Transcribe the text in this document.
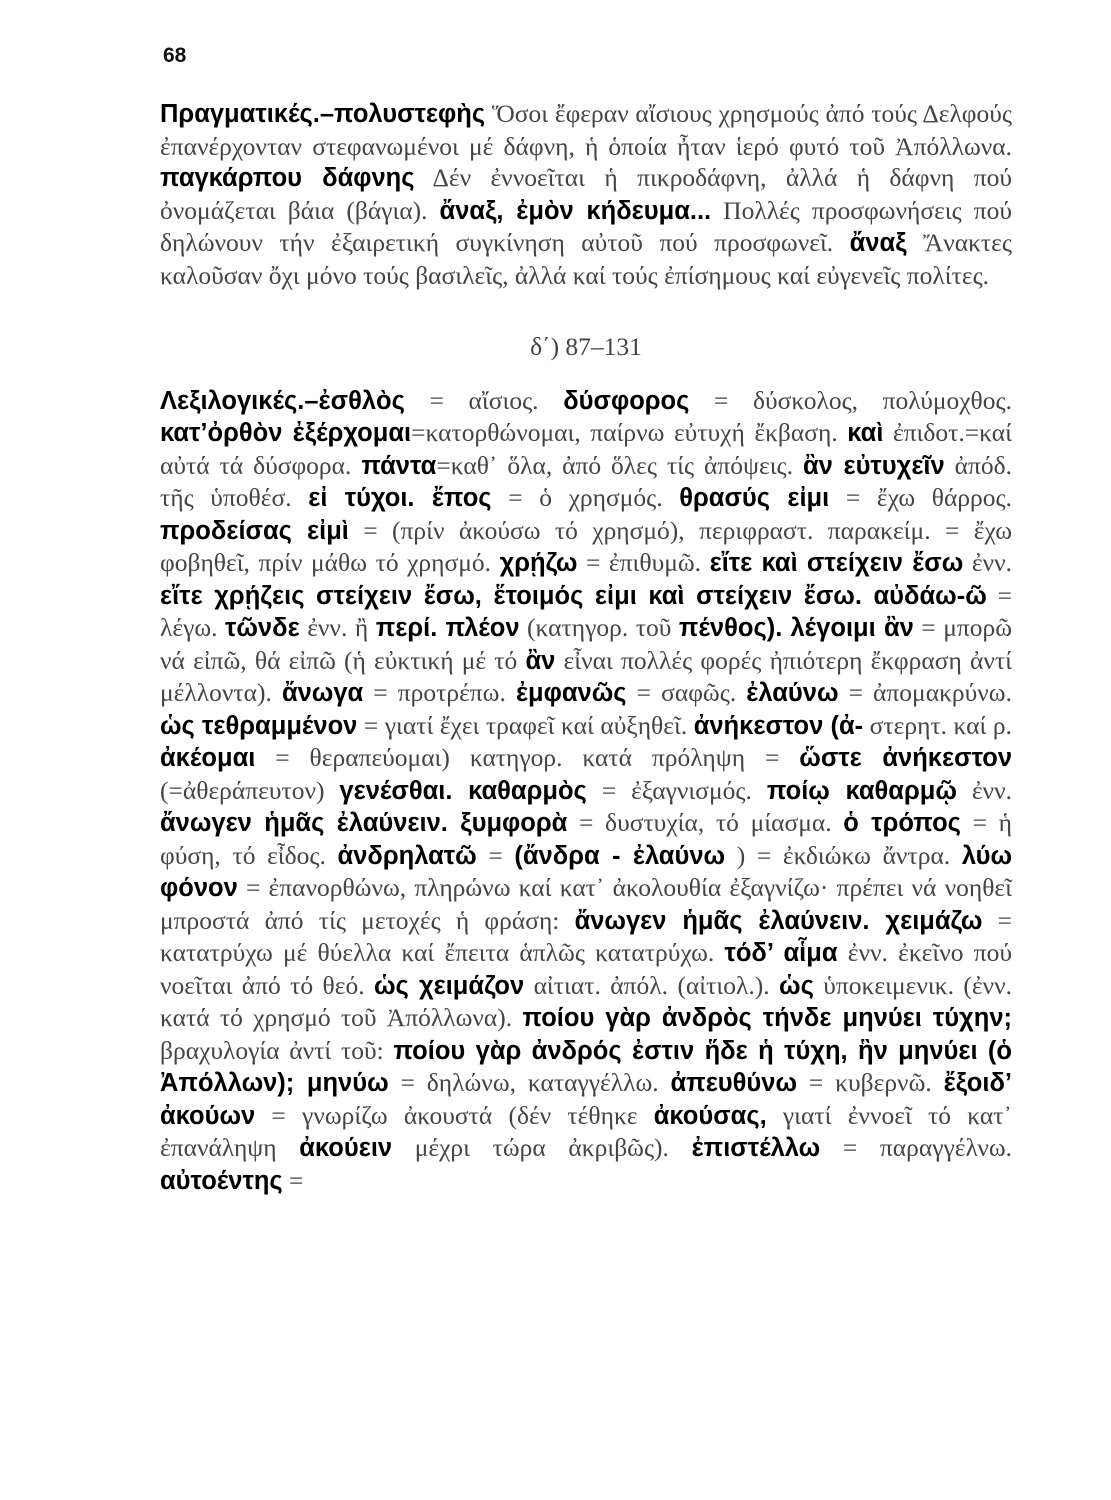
68

Πραγματικές.–πολυστεφὴς Ὅσοι ἔφεραν αἴσιους χρησμούς ἀπό τούς Δελφούς ἐπανέρχονταν στεφανωμένοι μέ δάφνη, ἡ ὁποία ἦταν ἱερό φυτό τοῦ Ἀπόλλωνα. παγκάρπου δάφνης Δέν ἐννοεῖται ἡ πικροδάφνη, ἀλλά ἡ δάφνη πού ὀνομάζεται βάια (βάγια). ἄναξ, ἐμὸν κήδευμα... Πολλές προσφωνήσεις πού δηλώνουν τήν ἐξαιρετική συγκίνηση αὐτοῦ πού προσφωνεῖ. ἄναξ Ἄνακτες καλοῦσαν ὄχι μόνο τούς βασιλεῖς, ἀλλά καί τούς ἐπίσημους καί εὐγενεῖς πολίτες.

δ΄) 87–131

Λεξιλογικές.–ἐσθλὸς = αἴσιος. δύσφορος = δύσκολος, πολύμοχθος. κατ’ὀρθὸν ἐξέρχομαι=κατορθώνομαι, παίρνω εὐτυχή ἔκβαση. καὶ ἐπιδοτ.=καί αὐτά τά δύσφορα. πάντα=καθ᾽ ὅλα, ἀπό ὅλες τίς ἀπόψεις. ἂν εὐτυχεῖν ἀπόδ. τῆς ὑποθέσ. εἰ τύχοι. ἔπος = ὁ χρησμός. θρασύς εἰμι = ἔχω θάρρος. προδείσας εἰμὶ = (πρίν ἀκούσω τό χρησμό), περιφραστ. παρακείμ. = ἔχω φοβηθεῖ, πρίν μάθω τό χρησμό. χρῄζω = ἐπιθυμῶ. εἴτε καὶ στείχειν ἔσω ἐνν. εἴτε χρῄζεις στείχειν ἔσω, ἕτοιμός εἰμι καὶ στείχειν ἔσω. αὐδάω-ῶ = λέγω. τῶνδε ἐνν. ἢ περί. πλέον (κατηγορ. τοῦ πένθος). λέγοιμι ἂν = μπορῶ νά εἰπῶ, θά εἰπῶ (ἡ εὐκτική μέ τό ἂν εἶναι πολλές φορές ἠπιότερη ἔκφραση ἀντί μέλλοντα). ἄνωγα = προτρέπω. ἐμφανῶς = σαφῶς. ἐλαύνω = ἀπομακρύνω. ὡς τεθραμμένον = γιατί ἔχει τραφεῖ καί αὐξηθεῖ. ἀνήκεστον (ἀ- στερητ. καί ρ. ἀκέομαι = θεραπεύομαι) κατηγορ. κατά πρόληψη = ὥστε ἀνήκεστον (=ἀθεράπευτον) γενέσθαι. καθαρμὸς = ἐξαγνισμός. ποίῳ καθαρμῷ ἐνν. ἄνωγεν ἡμᾶς ἐλαύνειν. ξυμφορὰ = δυστυχία, τό μίασμα. ὁ τρόπος = ἡ φύση, τό εἶδος. ἀνδρηλατῶ = (ἄνδρα - ἐλαύνω ) = ἐκδιώκω ἄντρα. λύω φόνον = ἐπανορθώνω, πληρώνω καί κατ᾽ ἀκολουθία ἐξαγνίζω· πρέπει νά νοηθεῖ μπροστά ἀπό τίς μετοχές ἡ φράση: ἄνωγεν ἡμᾶς ἐλαύνειν. χειμάζω = κατατρύχω μέ θύελλα καί ἔπειτα ἁπλῶς κατατρύχω. τόδ’ αἷμα ἐνν. ἐκεῖνο πού νοεῖται ἀπό τό θεό. ὡς χειμάζον αἰτιατ. ἀπόλ. (αἰτιολ.). ὡς ὑποκειμενικ. (ἐνν. κατά τό χρησμό τοῦ Ἀπόλλωνα). ποίου γὰρ ἀνδρὸς τήνδε μηνύει τύχην; βραχυλογία ἀντί τοῦ: ποίου γὰρ ἀνδρός ἐστιν ἥδε ἡ τύχη, ἣν μηνύει (ὁ Ἀπόλλων); μηνύω = δηλώνω, καταγγέλλω. ἀπευθύνω = κυβερνῶ. ἔξοιδ’ ἀκούων = γνωρίζω ἀκουστά (δέν τέθηκε ἀκούσας, γιατί ἐννοεῖ τό κατ᾽ ἐπανάληψη ἀκούειν μέχρι τώρα ἀκριβῶς). ἐπιστέλλω = παραγγέλνω. αὐτοέντης =
